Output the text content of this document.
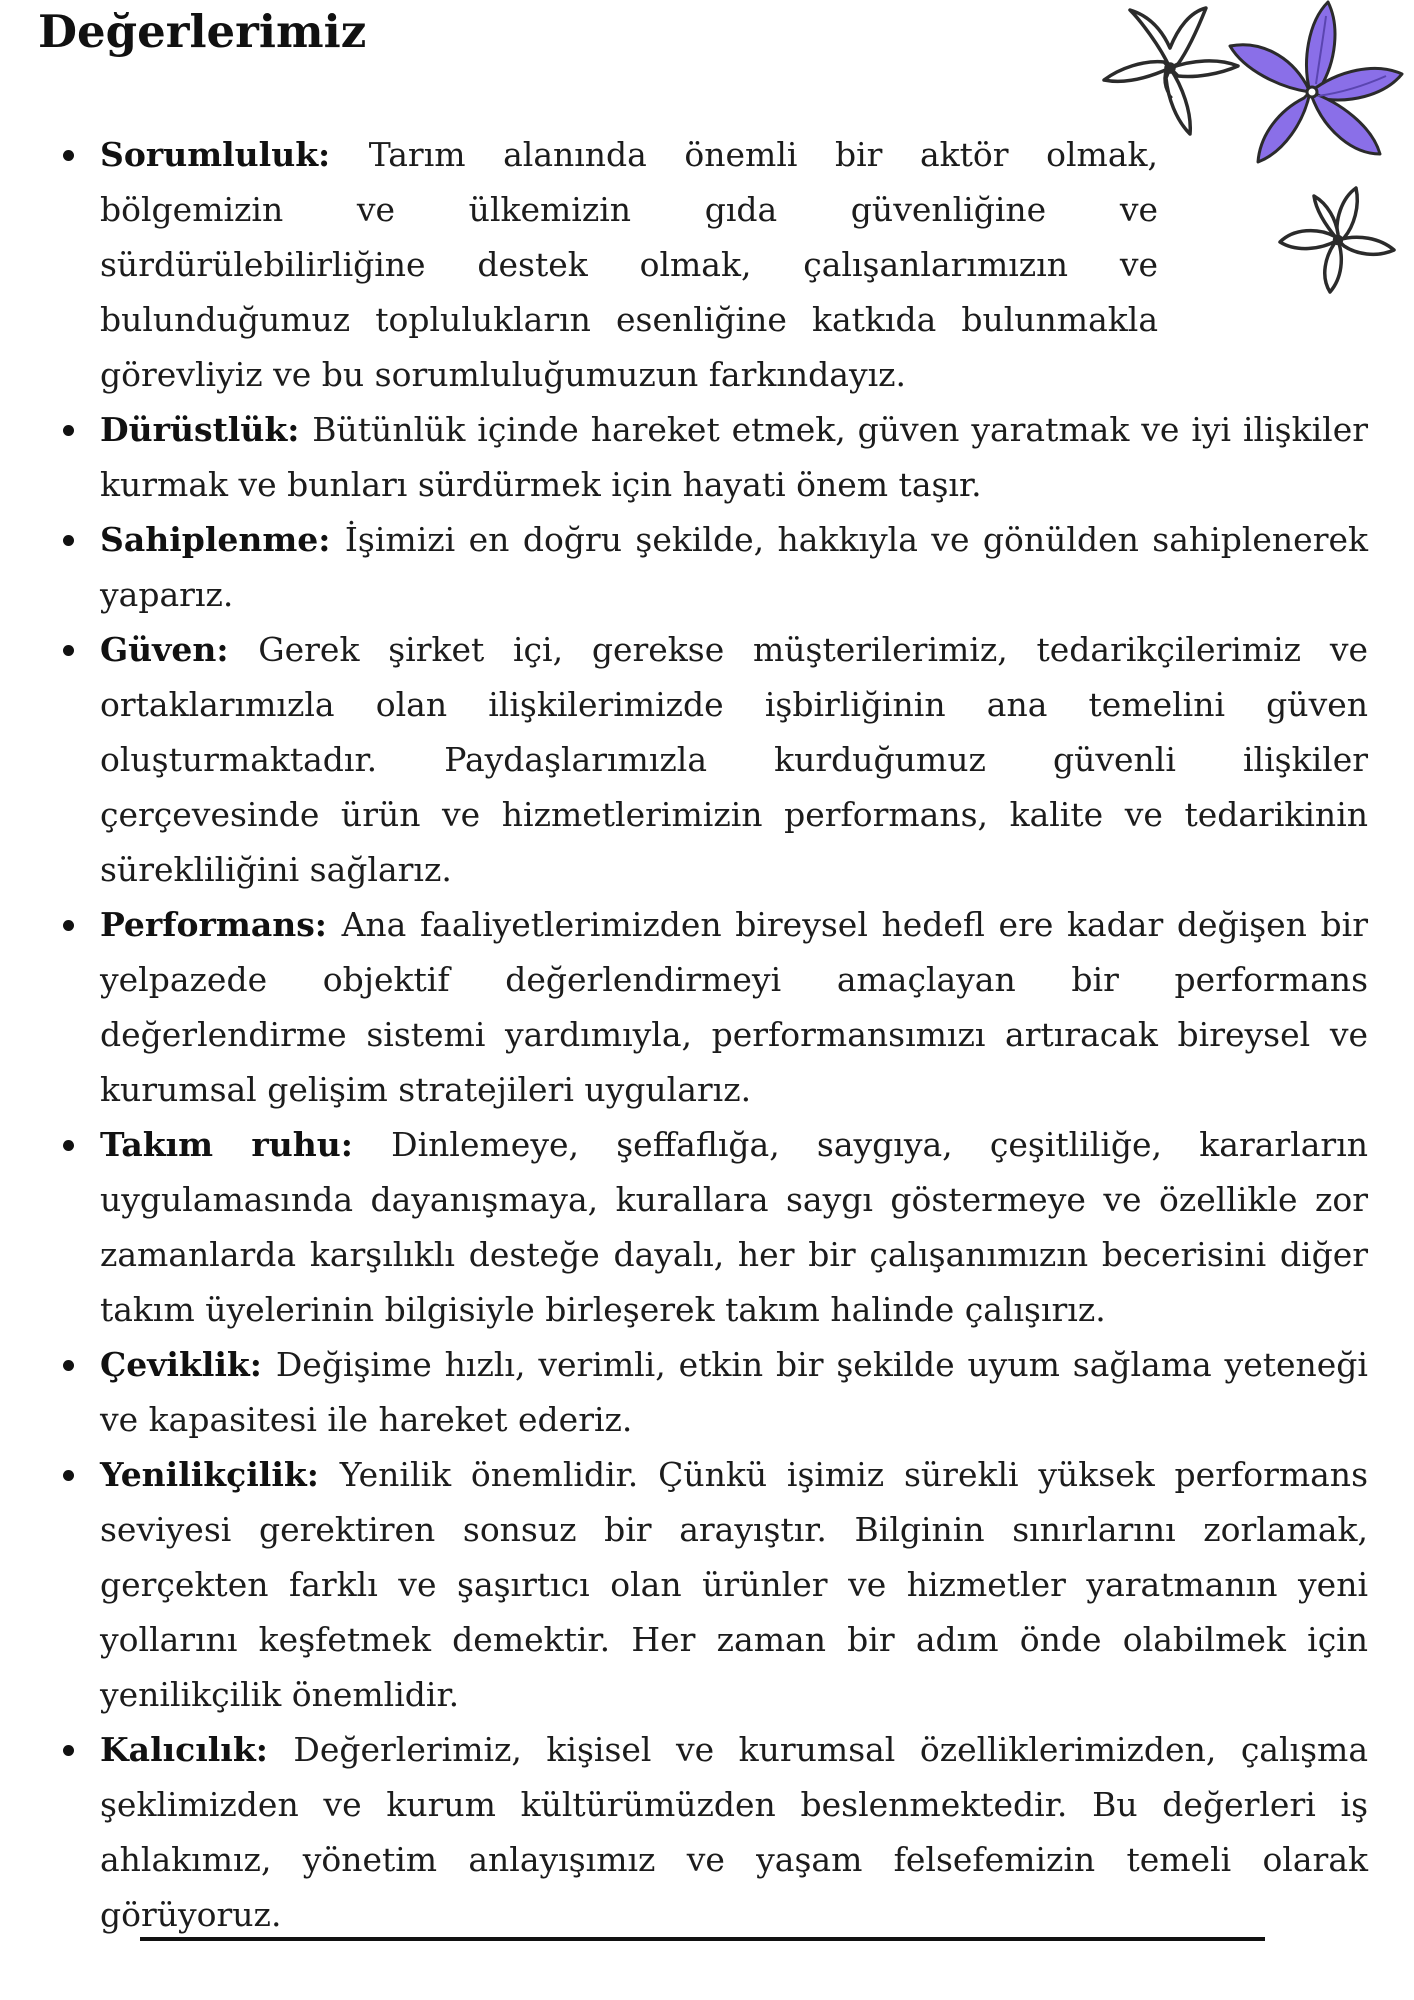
Değerlerimiz
Sorumluluk: Tarım alanında önemli bir aktör olmak, bölgemizin ve ülkemizin gıda güvenliğine ve sürdürülebilirliğine destek olmak, çalışanlarımızın ve bulunduğumuz toplulukların esenliğine katkıda bulunmakla görevliyiz ve bu sorumluluğumuzun farkındayız.
Dürüstlük: Bütünlük içinde hareket etmek, güven yaratmak ve iyi ilişkiler kurmak ve bunları sürdürmek için hayati önem taşır.
Sahiplenme: İşimizi en doğru şekilde, hakkıyla ve gönülden sahiplenerek yaparız.
Güven: Gerek şirket içi, gerekse müşterilerimiz, tedarikçilerimiz ve ortaklarımızla olan ilişkilerimizde işbirliğinin ana temelini güven oluşturmaktadır. Paydaşlarımızla kurduğumuz güvenli ilişkiler çerçevesinde ürün ve hizmetlerimizin performans, kalite ve tedarikinin sürekliliğini sağlarız.
Performans: Ana faaliyetlerimizden bireysel hedefl ere kadar değişen bir yelpazede objektif değerlendirmeyi amaçlayan bir performans değerlendirme sistemi yardımıyla, performansımızı artıracak bireysel ve kurumsal gelişim stratejileri uygularız.
Takım ruhu: Dinlemeye, şeffaflığa, saygıya, çeşitliliğe, kararların uygulamasında dayanışmaya, kurallara saygı göstermeye ve özellikle zor zamanlarda karşılıklı desteğe dayalı, her bir çalışanımızın becerisini diğer takım üyelerinin bilgisiyle birleşerek takım halinde çalışırız.
Çeviklik: Değişime hızlı, verimli, etkin bir şekilde uyum sağlama yeteneği ve kapasitesi ile hareket ederiz.
Yenilikçilik: Yenilik önemlidir. Çünkü işimiz sürekli yüksek performans seviyesi gerektiren sonsuz bir arayıştır. Bilginin sınırlarını zorlamak, gerçekten farklı ve şaşırtıcı olan ürünler ve hizmetler yaratmanın yeni yollarını keşfetmek demektir. Her zaman bir adım önde olabilmek için yenilikçilik önemlidir.
Kalıcılık: Değerlerimiz, kişisel ve kurumsal özelliklerimizden, çalışma şeklimizden ve kurum kültürümüzden beslenmektedir. Bu değerleri iş ahlakımız, yönetim anlayışımız ve yaşam felsefemizin temeli olarak görüyoruz.
